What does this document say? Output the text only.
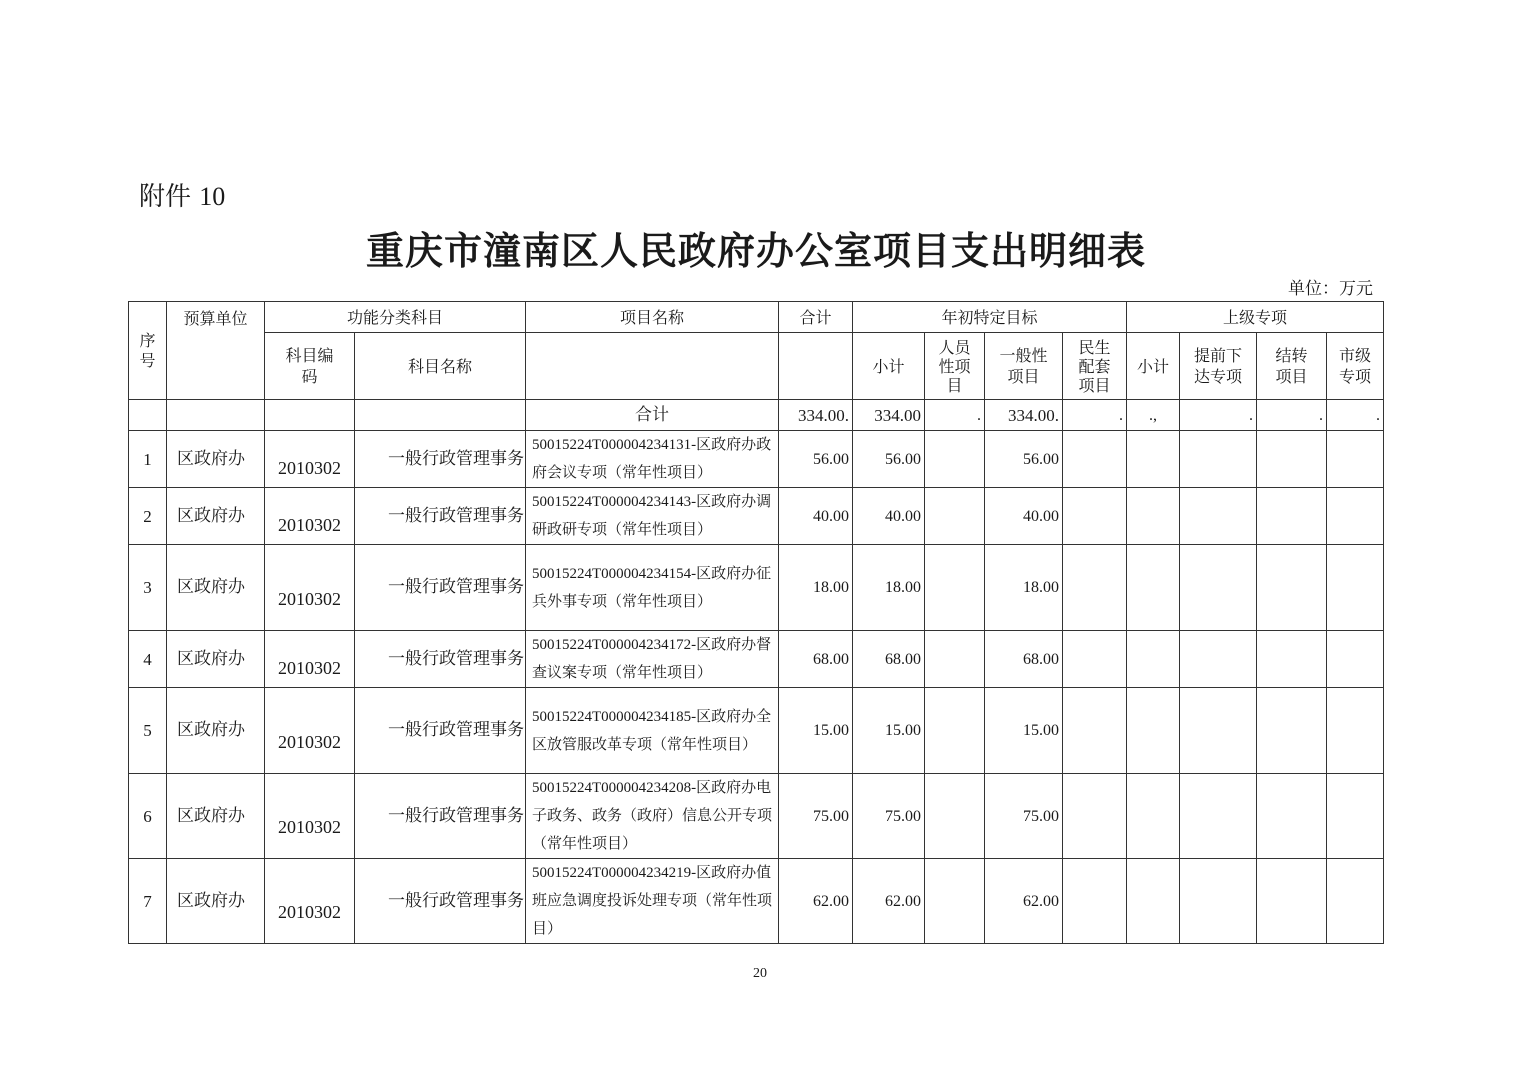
附件 10
重庆市潼南区人民政府办公室项目支出明细表
单位：万元
序号	预算单位	功能分类科目		项目名称	合计	年初特定目标				上级专项			
		科目编码	科目名称			小计	人员性项目	一般性项目	民生配套项目	小计	提前下达专项	结转项目	市级专项
				合计	334.00.	334.00	.	334.00.	.	.,	.	.	.
1	区政府办	2010302	一般行政管理事务	50015224T000004234131-区政府办政府会议专项（常年性项目）	56.00	56.00		56.00					
2	区政府办	2010302	一般行政管理事务	50015224T000004234143-区政府办调研政研专项（常年性项目）	40.00	40.00		40.00					
3	区政府办	2010302	一般行政管理事务	50015224T000004234154-区政府办征兵外事专项（常年性项目）	18.00	18.00		18.00					
4	区政府办	2010302	一般行政管理事务	50015224T000004234172-区政府办督查议案专项（常年性项目）	68.00	68.00		68.00					
5	区政府办	2010302	一般行政管理事务	50015224T000004234185-区政府办全区放管服改革专项（常年性项目）	15.00	15.00		15.00					
6	区政府办	2010302	一般行政管理事务	50015224T000004234208-区政府办电子政务、政务（政府）信息公开专项（常年性项目）	75.00	75.00		75.00					
7	区政府办	2010302	一般行政管理事务	50015224T000004234219-区政府办值班应急调度投诉处理专项（常年性项目）	62.00	62.00		62.00					
20
